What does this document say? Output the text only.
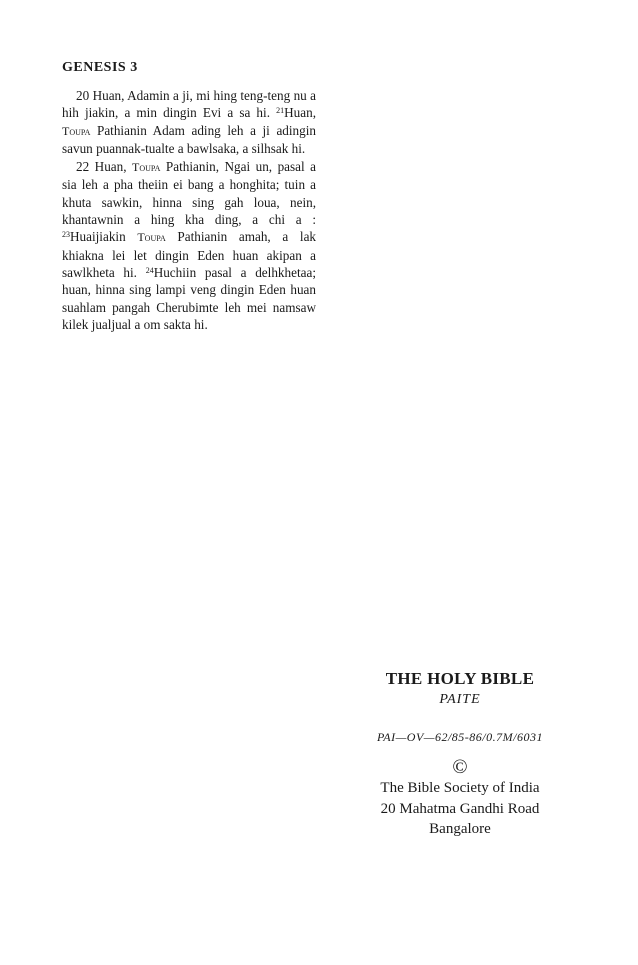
GENESIS 3

20 Huan, Adamin a ji, mi hing teng-teng nu a hih jiakin, a min dingin Evi a sa hi. $^{21}$Huan, Toupa Pathianin Adam ading leh a ji adingin savun puannak-tualte a bawlsaka, a silhsak hi.

22 Huan, Toupa Pathianin, Ngai un, pasal a sia leh a pha theiin ei bang a honghita; tuin a khuta sawkin, hinna sing gah loua, nein, khantawnin a hing kha ding, a chi a : $^{23}$Huaijiakin Toupa Pathianin amah, a lak khiakna lei let dingin Eden huan akipan a sawlkheta hi. $^{24}$Huchiin pasal a delhkhetaa; huan, hinna sing lampi veng dingin Eden huan suahlam pangah Cherubimte leh mei namsaw kilek jualjual a om sakta hi.

THE HOLY BIBLE
PAITE
PAI—OV—62/85-86/0.7M/6031
©
The Bible Society of India
20 Mahatma Gandhi Road
Bangalore
